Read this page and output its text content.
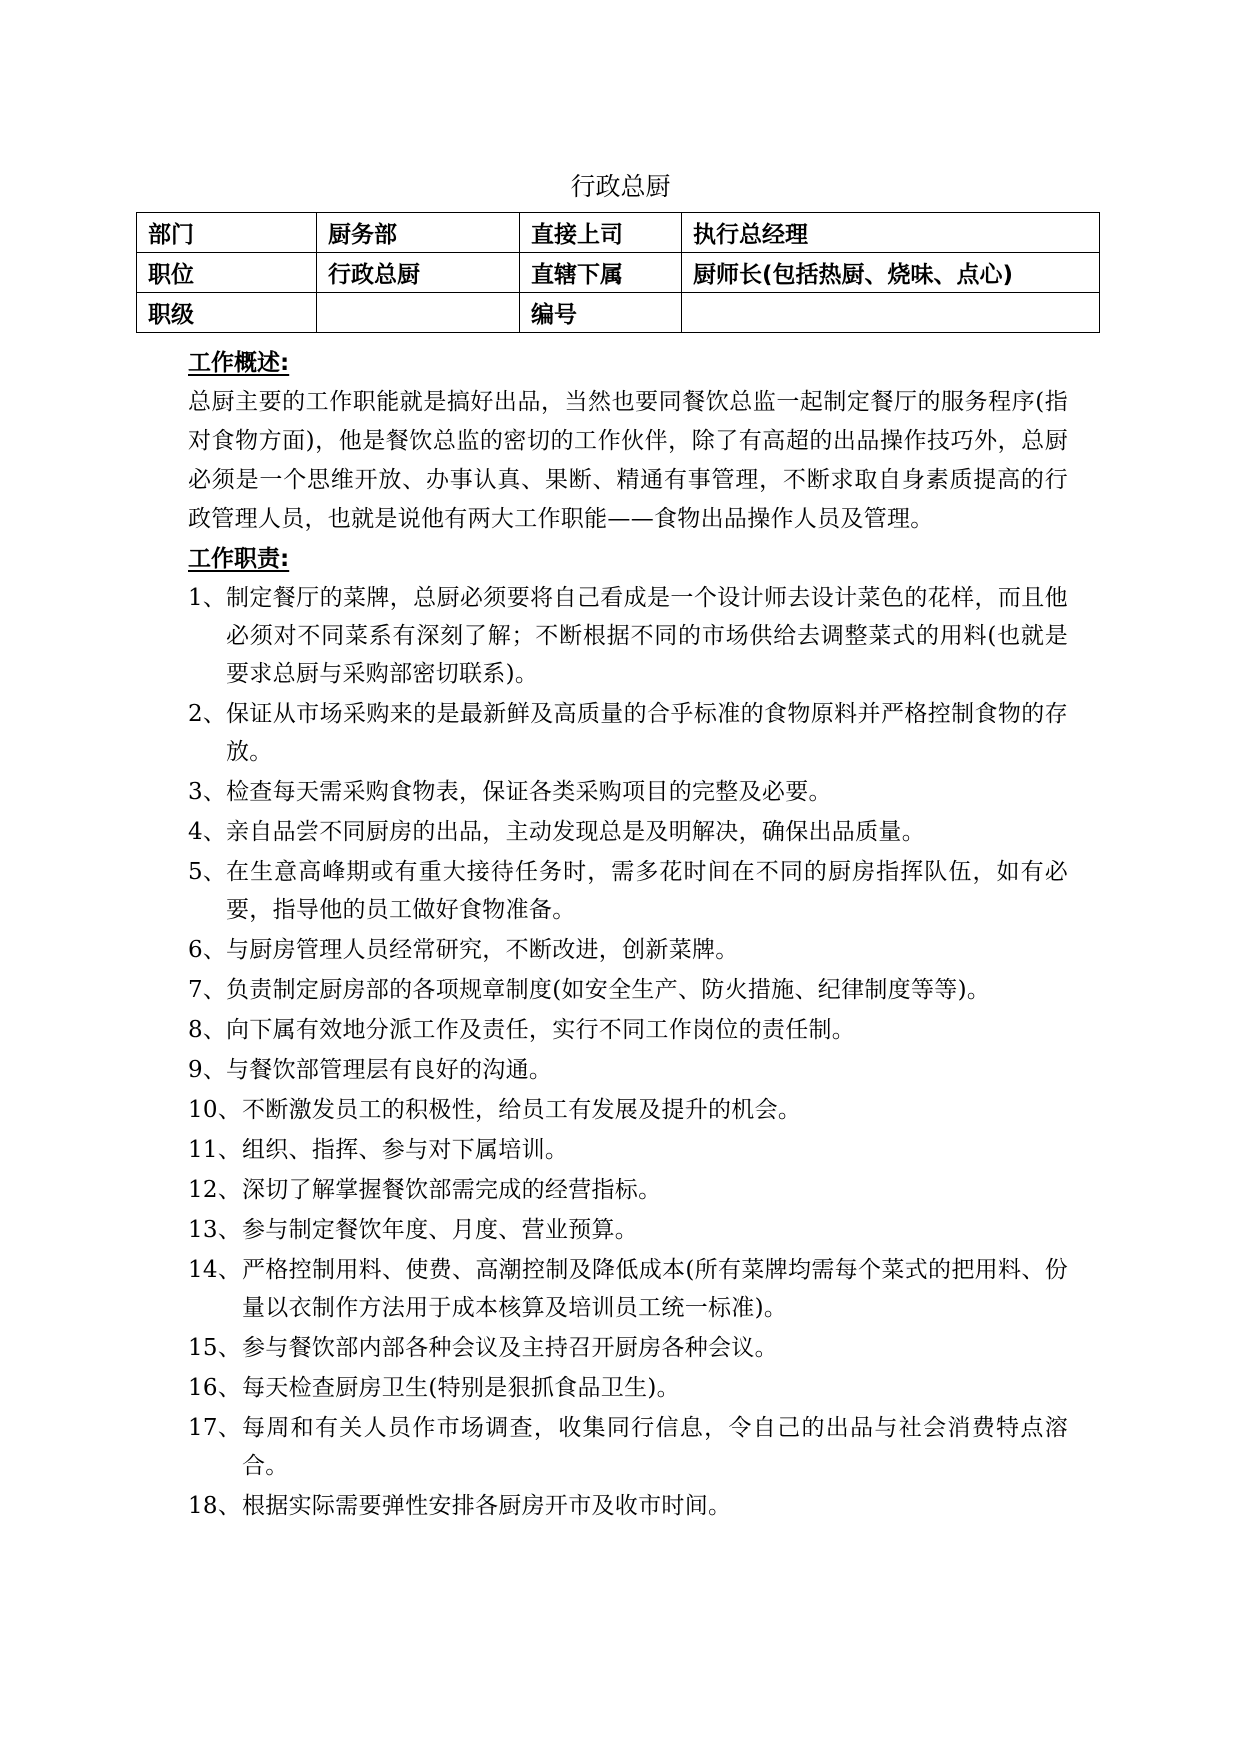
行政总厨
部门	厨务部	直接上司	执行总经理
职位	行政总厨	直辖下属	厨师长(包括热厨、烧味、点心)
职级		编号	
工作概述:

总厨主要的工作职能就是搞好出品，当然也要同餐饮总监一起制定餐厅的服务程序(指对食物方面)，他是餐饮总监的密切的工作伙伴，除了有高超的出品操作技巧外，总厨必须是一个思维开放、办事认真、果断、精通有事管理，不断求取自身素质提高的行政管理人员，也就是说他有两大工作职能——食物出品操作人员及管理。

工作职责:
1、 制定餐厅的菜牌，总厨必须要将自己看成是一个设计师去设计菜色的花样，而且他必须对不同菜系有深刻了解；不断根据不同的市场供给去调整菜式的用料(也就是要求总厨与采购部密切联系)。
2、 保证从市场采购来的是最新鲜及高质量的合乎标准的食物原料并严格控制食物的存放。
3、 检查每天需采购食物表，保证各类采购项目的完整及必要。
4、 亲自品尝不同厨房的出品，主动发现总是及明解决，确保出品质量。
5、 在生意高峰期或有重大接待任务时，需多花时间在不同的厨房指挥队伍，如有必要，指导他的员工做好食物准备。
6、 与厨房管理人员经常研究，不断改进，创新菜牌。
7、 负责制定厨房部的各项规章制度(如安全生产、防火措施、纪律制度等等)。
8、 向下属有效地分派工作及责任，实行不同工作岗位的责任制。
9、 与餐饮部管理层有良好的沟通。
10、 不断激发员工的积极性，给员工有发展及提升的机会。
11、 组织、指挥、参与对下属培训。
12、 深切了解掌握餐饮部需完成的经营指标。
13、 参与制定餐饮年度、月度、营业预算。
14、 严格控制用料、使费、高潮控制及降低成本(所有菜牌均需每个菜式的把用料、份量以衣制作方法用于成本核算及培训员工统一标准)。
15、 参与餐饮部内部各种会议及主持召开厨房各种会议。
16、 每天检查厨房卫生(特别是狠抓食品卫生)。
17、 每周和有关人员作市场调查，收集同行信息，令自己的出品与社会消费特点溶合。
18、 根据实际需要弹性安排各厨房开市及收市时间。
